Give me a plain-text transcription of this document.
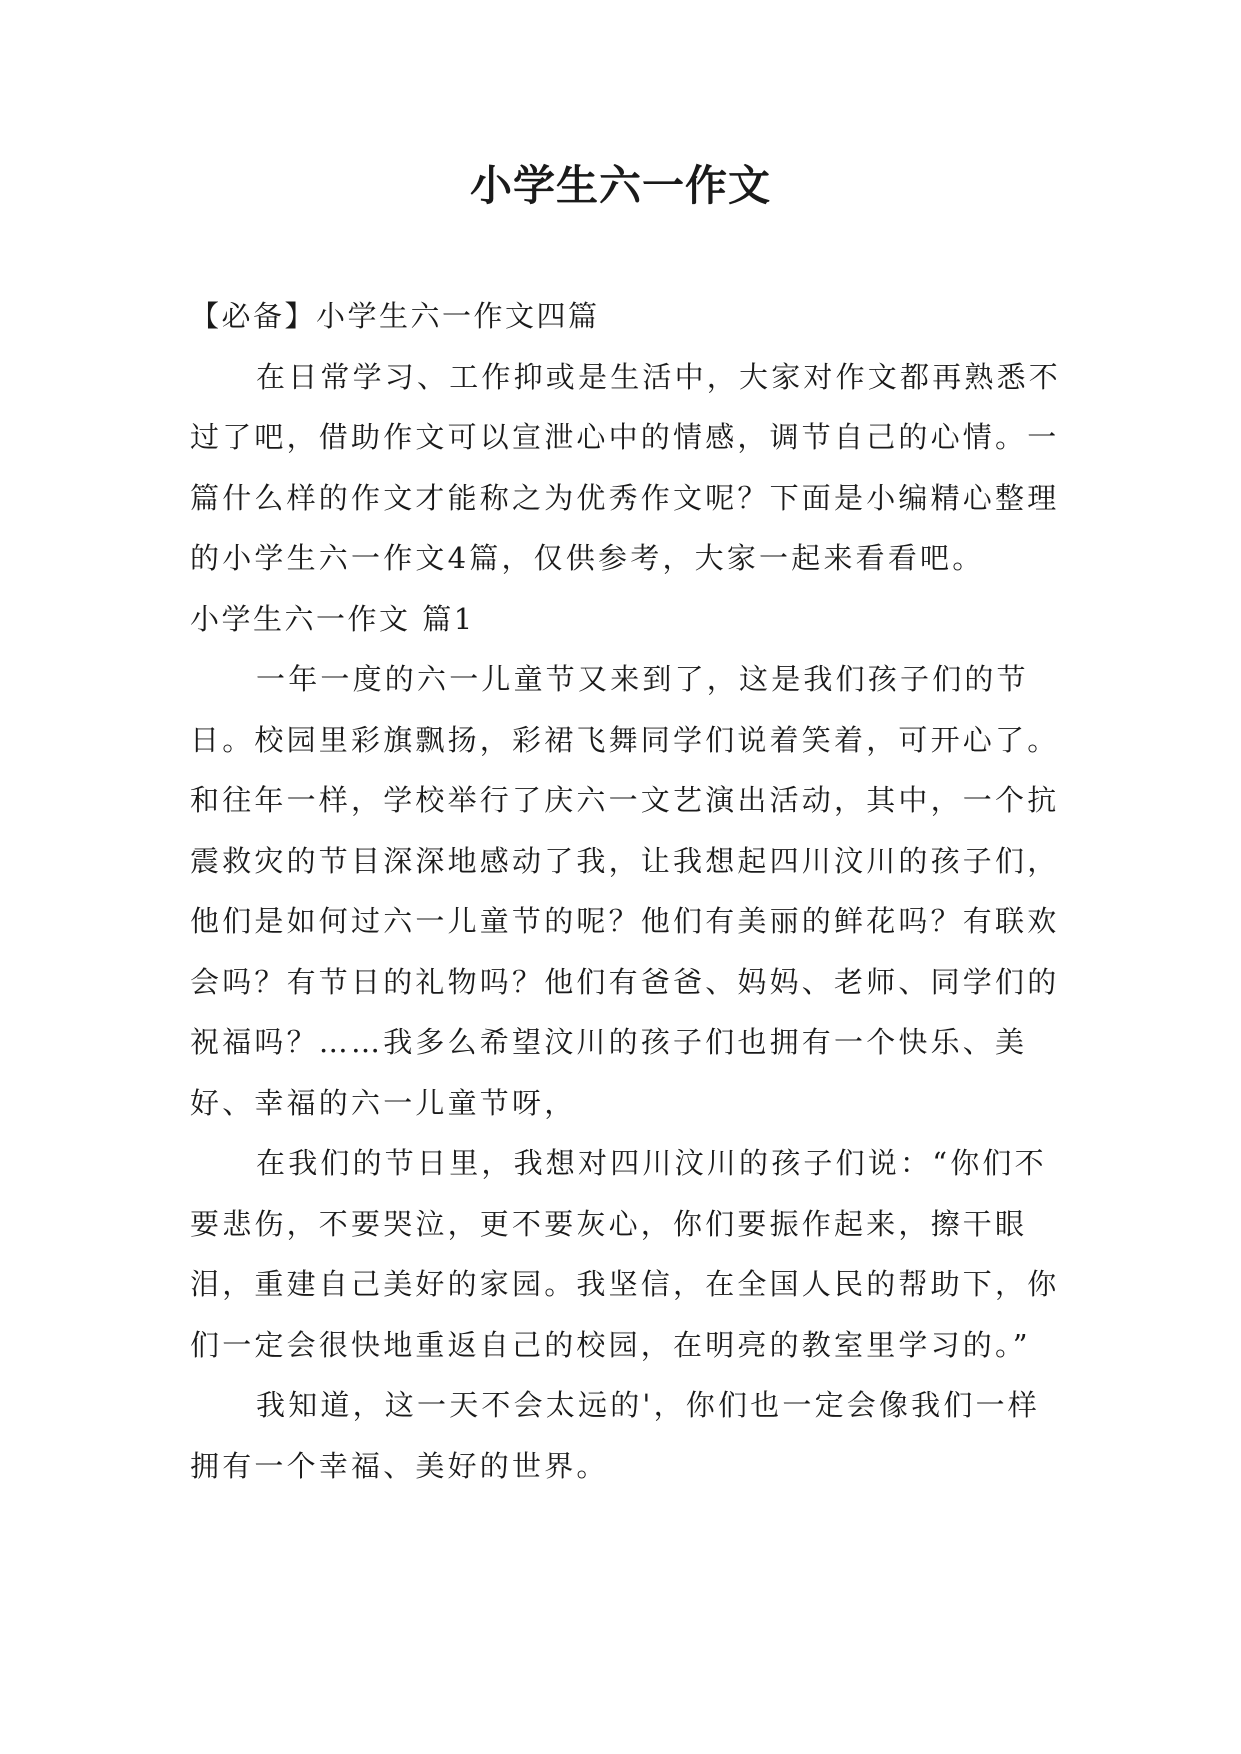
小学生六一作文

【必备】小学生六一作文四篇

在日常学习、工作抑或是生活中，大家对作文都再熟悉不过了吧，借助作文可以宣泄心中的情感，调节自己的心情。一篇什么样的作文才能称之为优秀作文呢？下面是小编精心整理的小学生六一作文4篇，仅供参考，大家一起来看看吧。

小学生六一作文 篇1

一年一度的六一儿童节又来到了，这是我们孩子们的节日。校园里彩旗飘扬，彩裙飞舞同学们说着笑着，可开心了。和往年一样，学校举行了庆六一文艺演出活动，其中，一个抗震救灾的节目深深地感动了我，让我想起四川汶川的孩子们，他们是如何过六一儿童节的呢？他们有美丽的鲜花吗？有联欢会吗？有节日的礼物吗？他们有爸爸、妈妈、老师、同学们的祝福吗？……我多么希望汶川的孩子们也拥有一个快乐、美好、幸福的六一儿童节呀，

在我们的节日里，我想对四川汶川的孩子们说：“你们不要悲伤，不要哭泣，更不要灰心，你们要振作起来，擦干眼泪，重建自己美好的家园。我坚信，在全国人民的帮助下，你们一定会很快地重返自己的校园，在明亮的教室里学习的。”

我知道，这一天不会太远的'，你们也一定会像我们一样拥有一个幸福、美好的世界。
